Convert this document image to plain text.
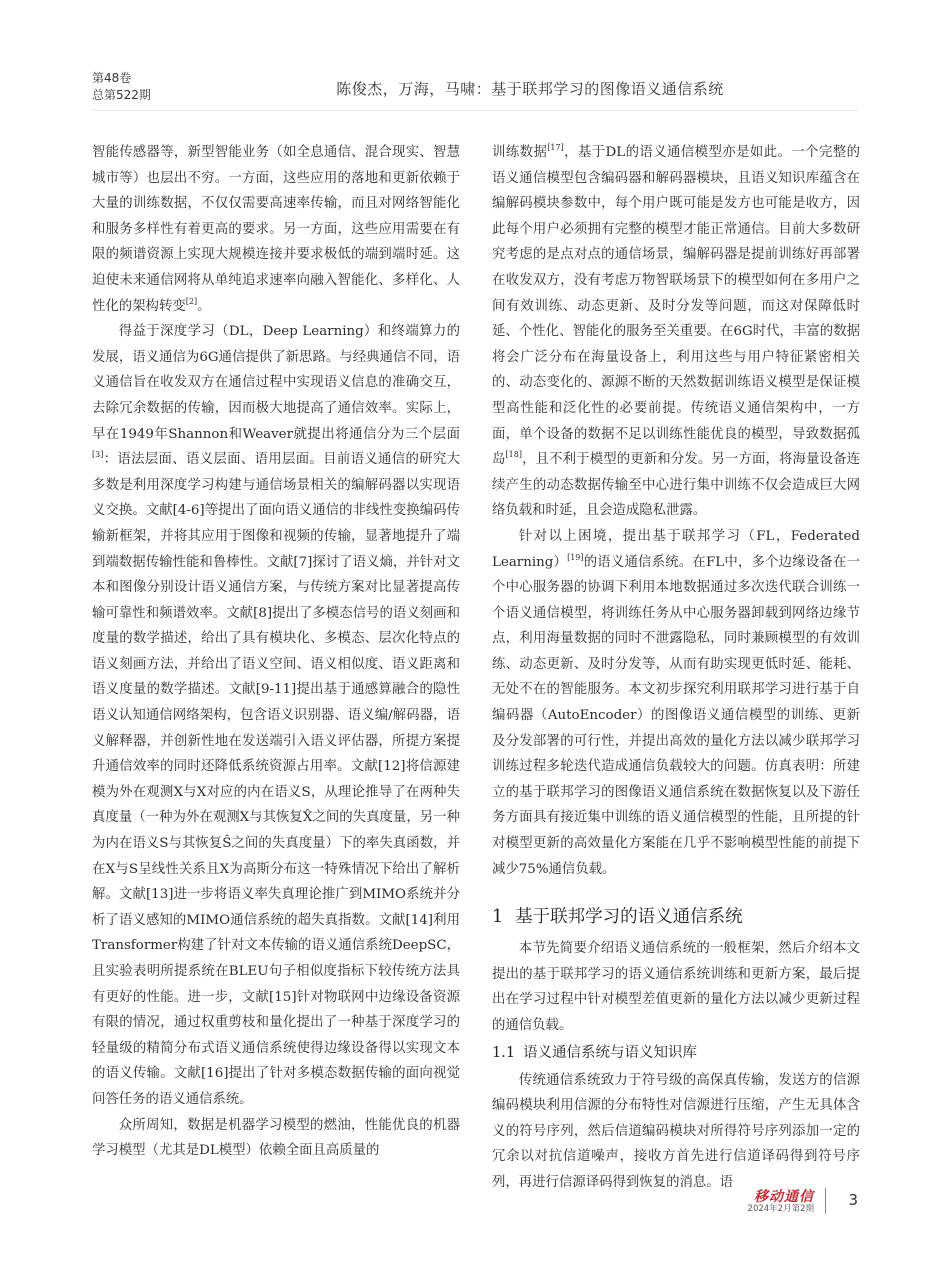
第48卷
总第522期	陈俊杰，万海，马啸：基于联邦学习的图像语义通信系统

智能传感器等，新型智能业务（如全息通信、混合现实、智慧城市等）也层出不穷。一方面，这些应用的落地和更新依赖于大量的训练数据，不仅仅需要高速率传输，而且对网络智能化和服务多样性有着更高的要求。另一方面，这些应用需要在有限的频谱资源上实现大规模连接并要求极低的端到端时延。这迫使未来通信网将从单纯追求速率向融入智能化、多样化、人性化的架构转变[2]。

得益于深度学习（DL，Deep Learning）和终端算力的发展，语义通信为6G通信提供了新思路。与经典通信不同，语义通信旨在收发双方在通信过程中实现语义信息的准确交互，去除冗余数据的传输，因而极大地提高了通信效率。实际上，早在1949年Shannon和Weaver就提出将通信分为三个层面[3]：语法层面、语义层面、语用层面。目前语义通信的研究大多数是利用深度学习构建与通信场景相关的编解码器以实现语义交换。文献[4-6]等提出了面向语义通信的非线性变换编码传输新框架，并将其应用于图像和视频的传输，显著地提升了端到端数据传输性能和鲁棒性。文献[7]探讨了语义熵，并针对文本和图像分别设计语义通信方案，与传统方案对比显著提高传输可靠性和频谱效率。文献[8]提出了多模态信号的语义刻画和度量的数学描述，给出了具有模块化、多模态、层次化特点的语义刻画方法，并给出了语义空间、语义相似度、语义距离和语义度量的数学描述。文献[9-11]提出基于通感算融合的隐性语义认知通信网络架构，包含语义识别器、语义编/解码器，语义解释器，并创新性地在发送端引入语义评估器，所提方案提升通信效率的同时还降低系统资源占用率。文献[12]将信源建模为外在观测X与X对应的内在语义S，从理论推导了在两种失真度量（一种为外在观测X与其恢复X̂之间的失真度量，另一种为内在语义S与其恢复Ŝ之间的失真度量）下的率失真函数，并在X与S呈线性关系且X为高斯分布这一特殊情况下给出了解析解。文献[13]进一步将语义率失真理论推广到MIMO系统并分析了语义感知的MIMO通信系统的超失真指数。文献[14]利用Transformer构建了针对文本传输的语义通信系统DeepSC，且实验表明所提系统在BLEU句子相似度指标下较传统方法具有更好的性能。进一步，文献[15]针对物联网中边缘设备资源有限的情况，通过权重剪枝和量化提出了一种基于深度学习的轻量级的精简分布式语义通信系统使得边缘设备得以实现文本的语义传输。文献[16]提出了针对多模态数据传输的面向视觉问答任务的语义通信系统。

众所周知，数据是机器学习模型的燃油，性能优良的机器学习模型（尤其是DL模型）依赖全面且高质量的

训练数据[17]，基于DL的语义通信模型亦是如此。一个完整的语义通信模型包含编码器和解码器模块，且语义知识库蕴含在编解码模块参数中，每个用户既可能是发方也可能是收方，因此每个用户必须拥有完整的模型才能正常通信。目前大多数研究考虑的是点对点的通信场景，编解码器是提前训练好再部署在收发双方，没有考虑万物智联场景下的模型如何在多用户之间有效训练、动态更新、及时分发等问题，而这对保障低时延、个性化、智能化的服务至关重要。在6G时代，丰富的数据将会广泛分布在海量设备上，利用这些与用户特征紧密相关的、动态变化的、源源不断的天然数据训练语义模型是保证模型高性能和泛化性的必要前提。传统语义通信架构中，一方面，单个设备的数据不足以训练性能优良的模型，导致数据孤岛[18]，且不利于模型的更新和分发。另一方面，将海量设备连续产生的动态数据传输至中心进行集中训练不仅会造成巨大网络负载和时延，且会造成隐私泄露。

针对以上困境，提出基于联邦学习（FL，Federated Learning）[19]的语义通信系统。在FL中，多个边缘设备在一个中心服务器的协调下利用本地数据通过多次迭代联合训练一个语义通信模型，将训练任务从中心服务器卸载到网络边缘节点，利用海量数据的同时不泄露隐私，同时兼顾模型的有效训练、动态更新、及时分发等，从而有助实现更低时延、能耗、无处不在的智能服务。本文初步探究利用联邦学习进行基于自编码器（AutoEncoder）的图像语义通信模型的训练、更新及分发部署的可行性，并提出高效的量化方法以减少联邦学习训练过程多轮迭代造成通信负载较大的问题。仿真表明：所建立的基于联邦学习的图像语义通信系统在数据恢复以及下游任务方面具有接近集中训练的语义通信模型的性能，且所提的针对模型更新的高效量化方案能在几乎不影响模型性能的前提下减少75%通信负载。

1 基于联邦学习的语义通信系统

本节先简要介绍语义通信系统的一般框架，然后介绍本文提出的基于联邦学习的语义通信系统训练和更新方案，最后提出在学习过程中针对模型差值更新的量化方法以减少更新过程的通信负载。

1.1 语义通信系统与语义知识库

传统通信系统致力于符号级的高保真传输，发送方的信源编码模块利用信源的分布特性对信源进行压缩，产生无具体含义的符号序列，然后信道编码模块对所得符号序列添加一定的冗余以对抗信道噪声，接收方首先进行信道译码得到符号序列，再进行信源译码得到恢复的消息。语

移动通信
2024年2月第2期 3
